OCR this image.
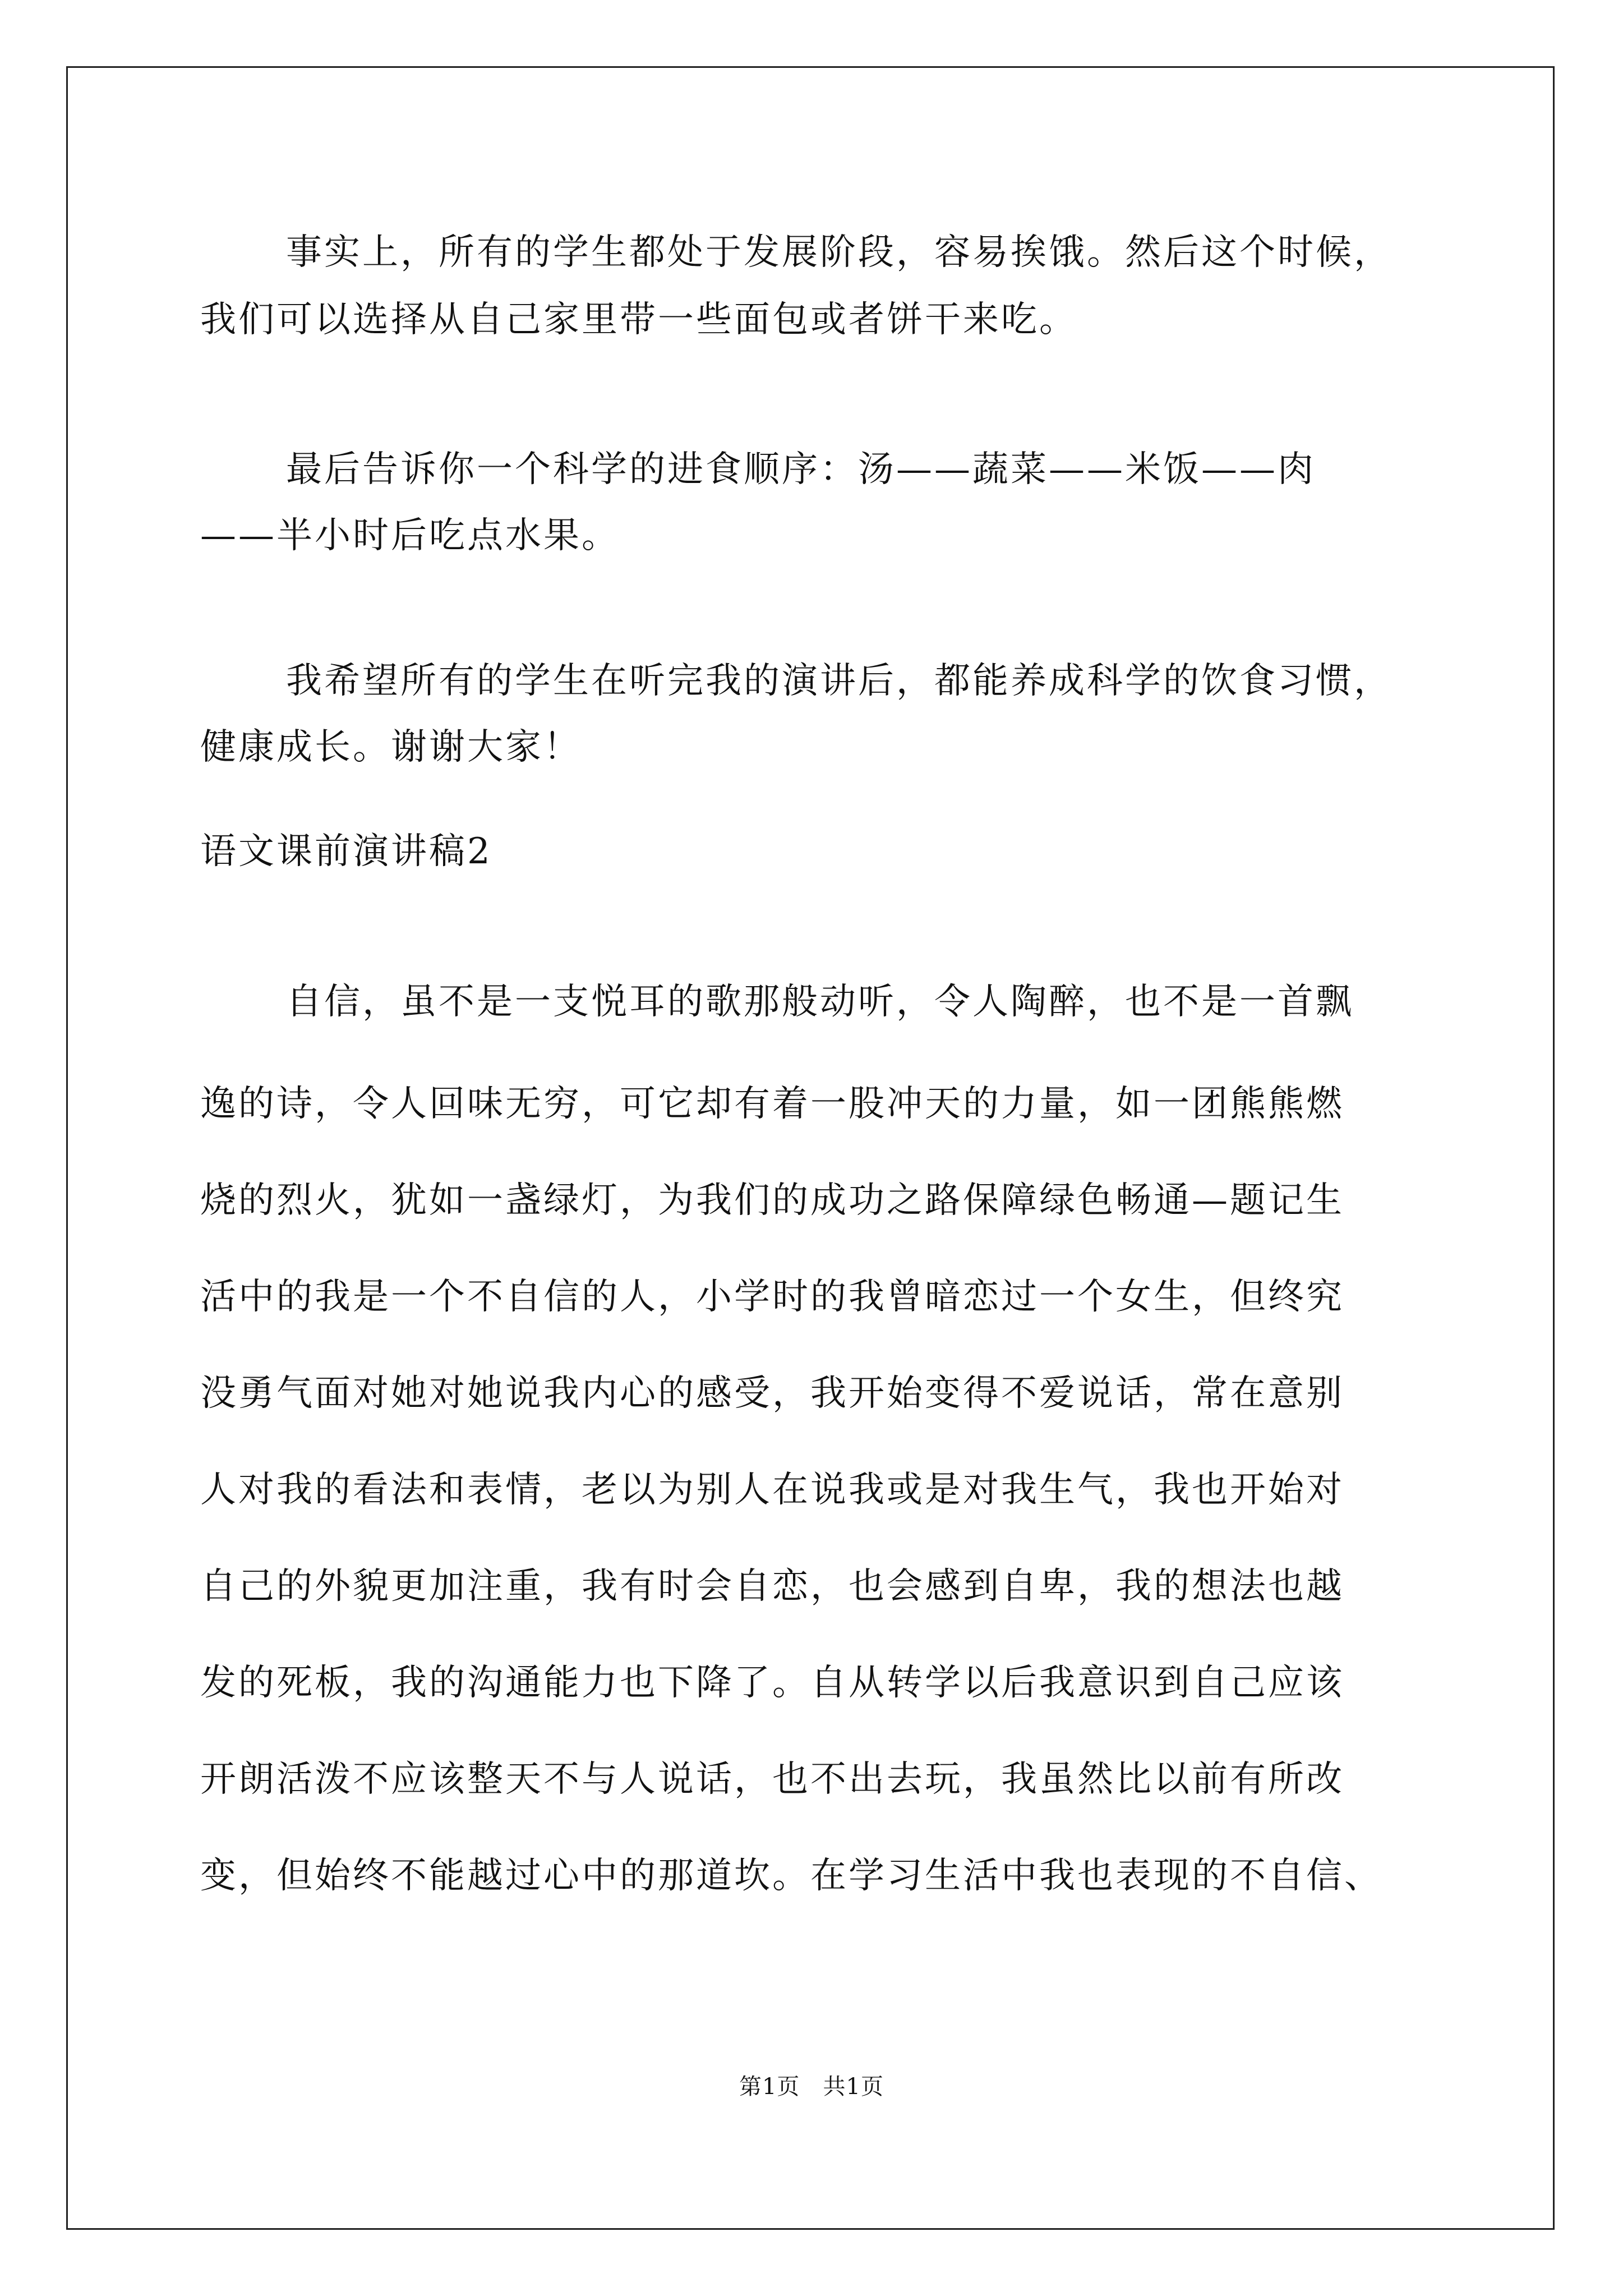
事实上，所有的学生都处于发展阶段，容易挨饿。然后这个时候，
我们可以选择从自己家里带一些面包或者饼干来吃。
最后告诉你一个科学的进食顺序：汤——蔬菜——米饭——肉
——半小时后吃点水果。
我希望所有的学生在听完我的演讲后，都能养成科学的饮食习惯，
健康成长。谢谢大家！
语文课前演讲稿2
自信，虽不是一支悦耳的歌那般动听，令人陶醉，也不是一首飘
逸的诗，令人回味无穷，可它却有着一股冲天的力量，如一团熊熊燃
烧的烈火，犹如一盏绿灯，为我们的成功之路保障绿色畅通—题记生
活中的我是一个不自信的人，小学时的我曾暗恋过一个女生，但终究
没勇气面对她对她说我内心的感受，我开始变得不爱说话，常在意别
人对我的看法和表情，老以为别人在说我或是对我生气，我也开始对
自己的外貌更加注重，我有时会自恋，也会感到自卑，我的想法也越
发的死板，我的沟通能力也下降了。自从转学以后我意识到自己应该
开朗活泼不应该整天不与人说话，也不出去玩，我虽然比以前有所改
变，但始终不能越过心中的那道坎。在学习生活中我也表现的不自信、
第1页   共1页
